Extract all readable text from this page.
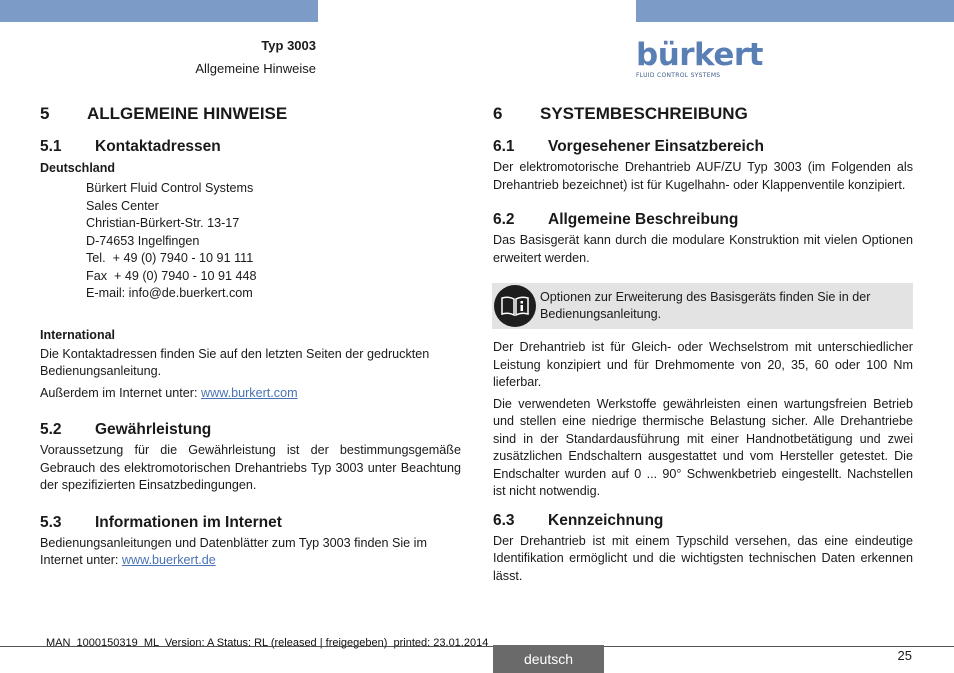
Typ 3003
Allgemeine Hinweise	bürkert
FLUID CONTROL SYSTEMS
5	ALLGEMEINE HINWEISE
5.1	Kontaktadressen
Deutschland
Bürkert Fluid Control Systems
Sales Center
Christian-Bürkert-Str. 13-17
D-74653 Ingelfingen
Tel.  + 49 (0) 7940 - 10 91 111
Fax  + 49 (0) 7940 - 10 91 448
E-mail: info@de.buerkert.com
International

Die Kontaktadressen finden Sie auf den letzten Seiten der gedruckten Bedienungsanleitung.

Außerdem im Internet unter: www.burkert.com

5.2	Gewährleistung

Voraussetzung für die Gewährleistung ist der bestimmungsgemäße Gebrauch des elektromotorischen Drehantriebs Typ 3003 unter Beachtung der spezifizierten Einsatzbedingungen.

5.3	Informationen im Internet

Bedienungsanleitungen und Datenblätter zum Typ 3003 finden Sie im Internet unter: www.buerkert.de

6	SYSTEMBESCHREIBUNG
6.1	Vorgesehener Einsatzbereich

Der elektromotorische Drehantrieb AUF/ZU Typ 3003 (im Folgenden als Drehantrieb bezeichnet) ist für Kugelhahn- oder Klappenventile konzipiert.

6.2	Allgemeine Beschreibung

Das Basisgerät kann durch die modulare Konstruktion mit vielen Optionen erweitert werden.

Optionen zur Erweiterung des Basisgeräts finden Sie in der Bedienungsanleitung.

Der Drehantrieb ist für Gleich- oder Wechselstrom mit unterschiedlicher Leistung konzipiert und für Drehmomente von 20, 35, 60 oder 100 Nm lieferbar.

Die verwendeten Werkstoffe gewährleisten einen wartungsfreien Betrieb und stellen eine niedrige thermische Belastung sicher. Alle Drehantriebe sind in der Standardausführung mit einer Handnotbetätigung und zwei zusätzlichen Endschaltern ausgestattet und vom Hersteller getestet. Die Endschalter wurden auf 0 ... 90° Schwenkbetrieb eingestellt. Nachstellen ist nicht notwendig.

6.3	Kennzeichnung

Der Drehantrieb ist mit einem Typschild versehen, das eine eindeutige Identifikation ermöglicht und die wichtigsten technischen Daten erkennen lässt.

MAN  1000150319  ML  Version: A Status: RL (released | freigegeben)  printed: 23.01.2014
deutsch	25
